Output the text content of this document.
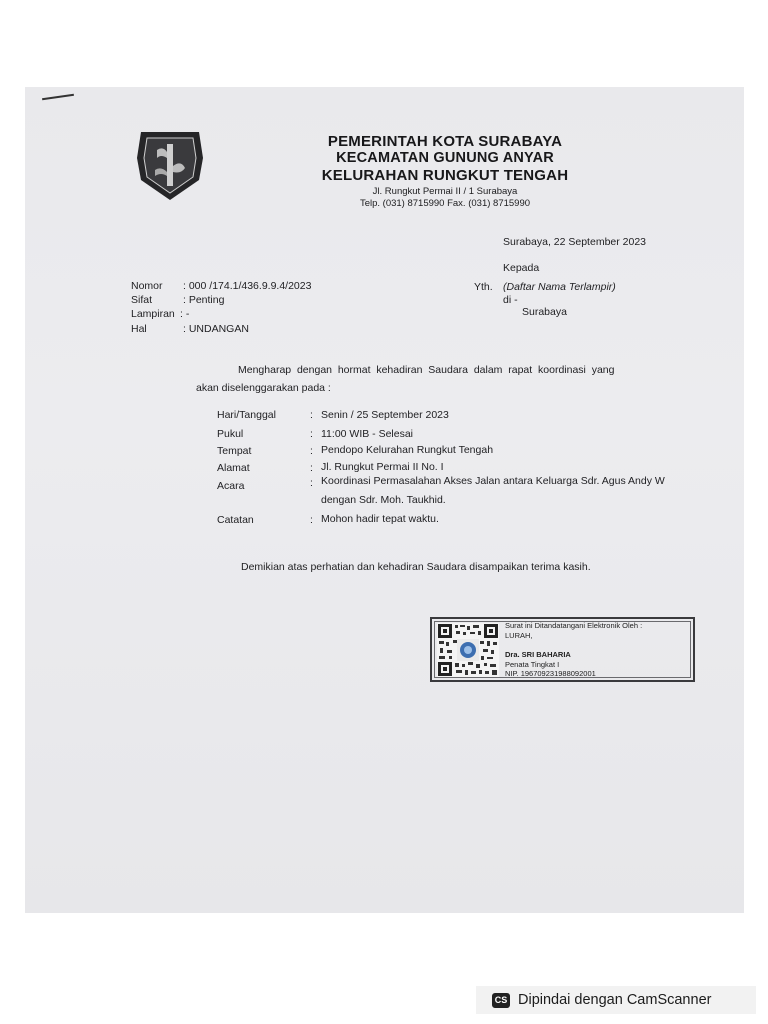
PEMERINTAH KOTA SURABAYA
KECAMATAN GUNUNG ANYAR
KELURAHAN RUNGKUT TENGAH
Jl. Rungkut Permai II / 1 Surabaya
Telp. (031) 8715990 Fax. (031) 8715990
Surabaya, 22 September 2023
Kepada
Yth. (Daftar Nama Terlampir)
di -
Surabaya
Nomor : 000 /174.1/436.9.9.4/2023
Sifat	: Penting
Lampiran : -
Hal	: UNDANGAN
Mengharap  dengan  hormat  kehadiran  Saudara  dalam  rapat  koordinasi  yang
akan diselenggarakan pada :
Hari/Tanggal	: Senin / 25 September 2023
Pukul	: 11:00 WIB - Selesai
Tempat	: Pendopo Kelurahan Rungkut Tengah
Alamat	: Jl. Rungkut Permai II No. I
Acara	: Koordinasi Permasalahan Akses Jalan antara Keluarga Sdr. Agus Andy W
dengan Sdr. Moh. Taukhid.
Catatan	: Mohon hadir tepat waktu.
Demikian atas perhatian dan kehadiran Saudara disampaikan terima kasih.
Surat ini Ditandatangani Elektronik Oleh :
LURAH,
Dra. SRI BAHARIA
Penata Tingkat I
NIP. 196709231988092001
CS Dipindai dengan CamScanner
